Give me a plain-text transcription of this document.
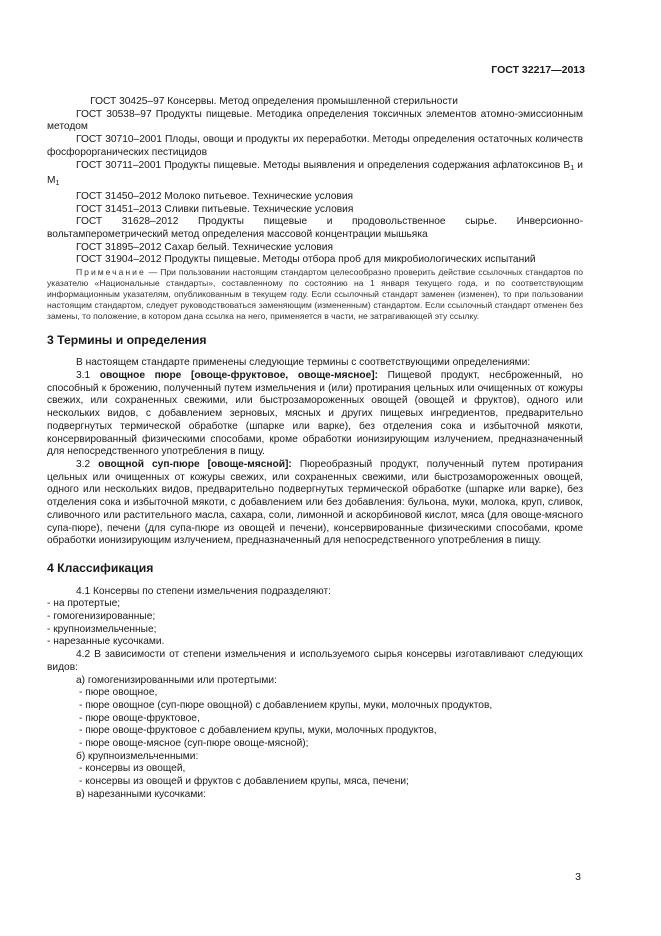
ГОСТ 32217—2013

ГОСТ 30425–97 Консервы. Метод определения промышленной стерильности

ГОСТ 30538–97 Продукты пищевые. Методика определения токсичных элементов атомно-эмиссионным методом

ГОСТ 30710–2001 Плоды, овощи и продукты их переработки. Методы определения остаточных количеств фосфорорганических пестицидов

ГОСТ 30711–2001 Продукты пищевые. Методы выявления и определения содержания афлатоксинов $B_1$ и $M_1$

ГОСТ 31450–2012 Молоко питьевое. Технические условия

ГОСТ 31451–2013 Сливки питьевые. Технические условия

ГОСТ 31628–2012 Продукты пищевые и продовольственное сырье. Инверсионно-вольтамперометрический метод определения массовой концентрации мышьяка

ГОСТ 31895–2012 Сахар белый. Технические условия

ГОСТ 31904–2012 Продукты пищевые. Методы отбора проб для микробиологических испытаний

Примечание — При пользовании настоящим стандартом целесообразно проверить действие ссылочных стандартов по указателю «Национальные стандарты», составленному по состоянию на 1 января текущего года, и по соответствующим информационным указателям, опубликованным в текущем году. Если ссылочный стандарт заменен (изменен), то при пользовании настоящим стандартом, следует руководствоваться заменяющим (измененным) стандартом. Если ссылочный стандарт отменен без замены, то положение, в котором дана ссылка на него, применяется в части, не затрагивающей эту ссылку.

3 Термины и определения

В настоящем стандарте применены следующие термины с соответствующими определениями:

3.1 овощное пюре [овоще-фруктовое, овоще-мясное]: Пищевой продукт, несброженный, но способный к брожению, полученный путем измельчения и (или) протирания цельных или очищенных от кожуры свежих, или сохраненных свежими, или быстрозамороженных овощей (овощей и фруктов), одного или нескольких видов, с добавлением зерновых, мясных и других пищевых ингредиентов, предварительно подвергнутых термической обработке (шпарке или варке), без отделения сока и избыточной мякоти, консервированный физическими способами, кроме обработки ионизирующим излучением, предназначенный для непосредственного употребления в пищу.

3.2 овощной суп-пюре [овоще-мясной]: Пюреобразный продукт, полученный путем протирания цельных или очищенных от кожуры свежих, или сохраненных свежими, или быстрозамороженных овощей, одного или нескольких видов, предварительно подвергнутых термической обработке (шпарке или варке), без отделения сока и избыточной мякоти, с добавлением или без добавления: бульона, муки, молока, круп, сливок, сливочного или растительного масла, сахара, соли, лимонной и аскорбиновой кислот, мяса (для овоще-мясного супа-пюре), печени (для супа-пюре из овощей и печени), консервированные физическими способами, кроме обработки ионизирующим излучением, предназначенный для непосредственного употребления в пищу.

4 Классификация

4.1 Консервы по степени измельчения подразделяют:

- на протертые;

- гомогенизированные;

- крупноизмельченные;

- нарезанные кусочками.

4.2 В зависимости от степени измельчения и используемого сырья консервы изготавливают следующих видов:

а) гомогенизированными или протертыми:

- пюре овощное,

- пюре овощное (суп-пюре овощной) с добавлением крупы, муки, молочных продуктов,

- пюре овоще-фруктовое,

- пюре овоще-фруктовое с добавлением крупы, муки, молочных продуктов,

- пюре овоще-мясное (суп-пюре овоще-мясной);

б) крупноизмельченными:

- консервы из овощей,

- консервы из овощей и фруктов с добавлением крупы, мяса, печени;

в) нарезанными кусочками:

3
